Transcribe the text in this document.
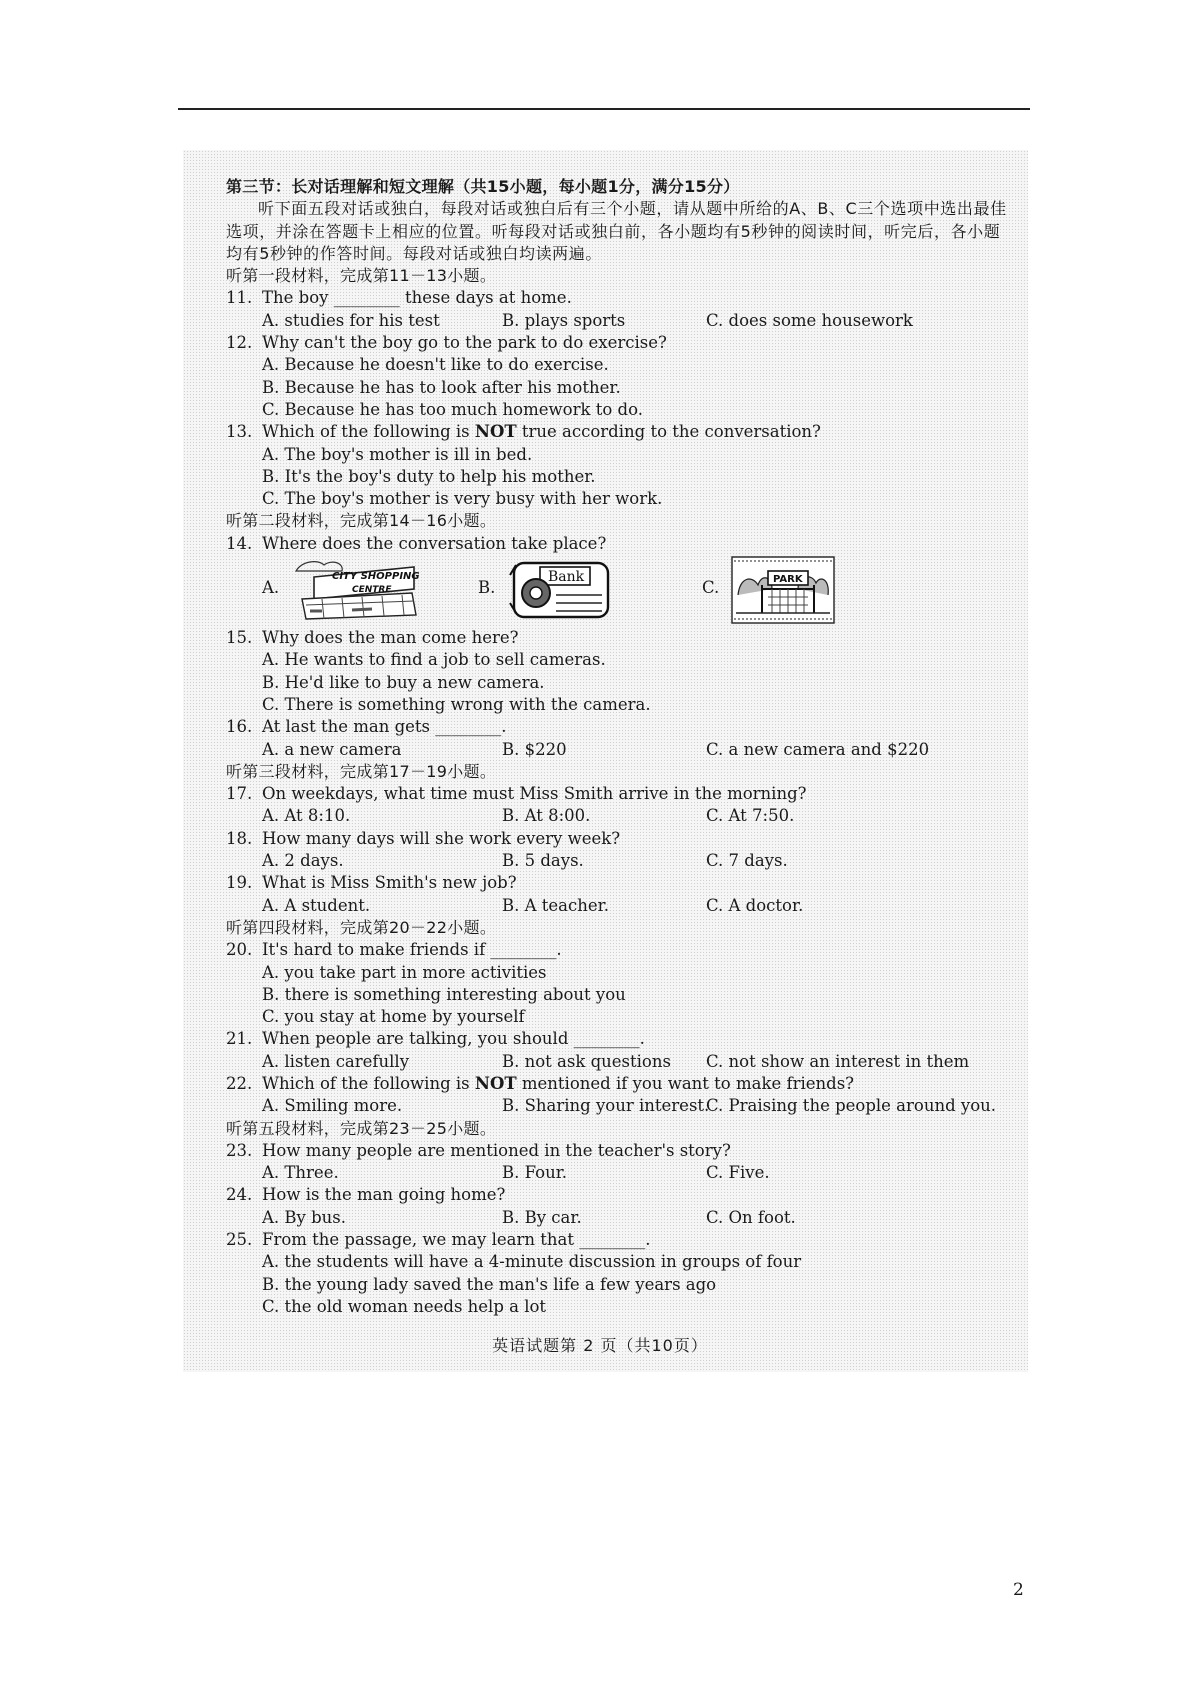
第三节：长对话理解和短文理解（共15小题，每小题1分，满分15分）
听下面五段对话或独白，每段对话或独白后有三个小题，请从题中所给的A、B、C三个选项中选出最佳选项，并涂在答题卡上相应的位置。听每段对话或独白前，各小题均有5秒钟的阅读时间，听完后，各小题均有5秒钟的作答时间。每段对话或独白均读两遍。
听第一段材料，完成第11－13小题。
11. The boy ________ these days at home.
A. studies for his test	B. plays sports	C. does some housework
12. Why can't the boy go to the park to do exercise?
A. Because he doesn't like to do exercise.
B. Because he has to look after his mother.
C. Because he has too much homework to do.
13. Which of the following is NOT true according to the conversation?
A. The boy's mother is ill in bed.
B. It's the boy's duty to help his mother.
C. The boy's mother is very busy with her work.
听第二段材料，完成第14－16小题。
14. Where does the conversation take place?
A.
CITY SHOPPING
CENTRE	B.
Bank
C.	PARK
15. Why does the man come here?
A. He wants to find a job to sell cameras.
B. He'd like to buy a new camera.
C. There is something wrong with the camera.
16. At last the man gets ________.
A. a new camera	B. $220	C. a new camera and $220
听第三段材料，完成第17－19小题。
17. On weekdays, what time must Miss Smith arrive in the morning?
A. At 8:10.	B. At 8:00.	C. At 7:50.
18. How many days will she work every week?
A. 2 days.	B. 5 days.	C. 7 days.
19. What is Miss Smith's new job?
A. A student.	B. A teacher.	C. A doctor.
听第四段材料，完成第20－22小题。
20. It's hard to make friends if ________.
A. you take part in more activities
B. there is something interesting about you
C. you stay at home by yourself
21. When people are talking, you should ________.
A. listen carefully	B. not ask questions C. not show an interest in them
22. Which of the following is NOT mentioned if you want to make friends?
A. Smiling more.	B. Sharing your interest.
C. Praising the people around you.
听第五段材料，完成第23－25小题。
23. How many people are mentioned in the teacher's story?
A. Three.	B. Four.	C. Five.
24. How is the man going home?
A. By bus.	B. By car.	C. On foot.
25. From the passage, we may learn that ________.
A. the students will have a 4-minute discussion in groups of four
B. the young lady saved the man's life a few years ago
C. the old woman needs help a lot
英语试题第 2 页（共10页）
2
